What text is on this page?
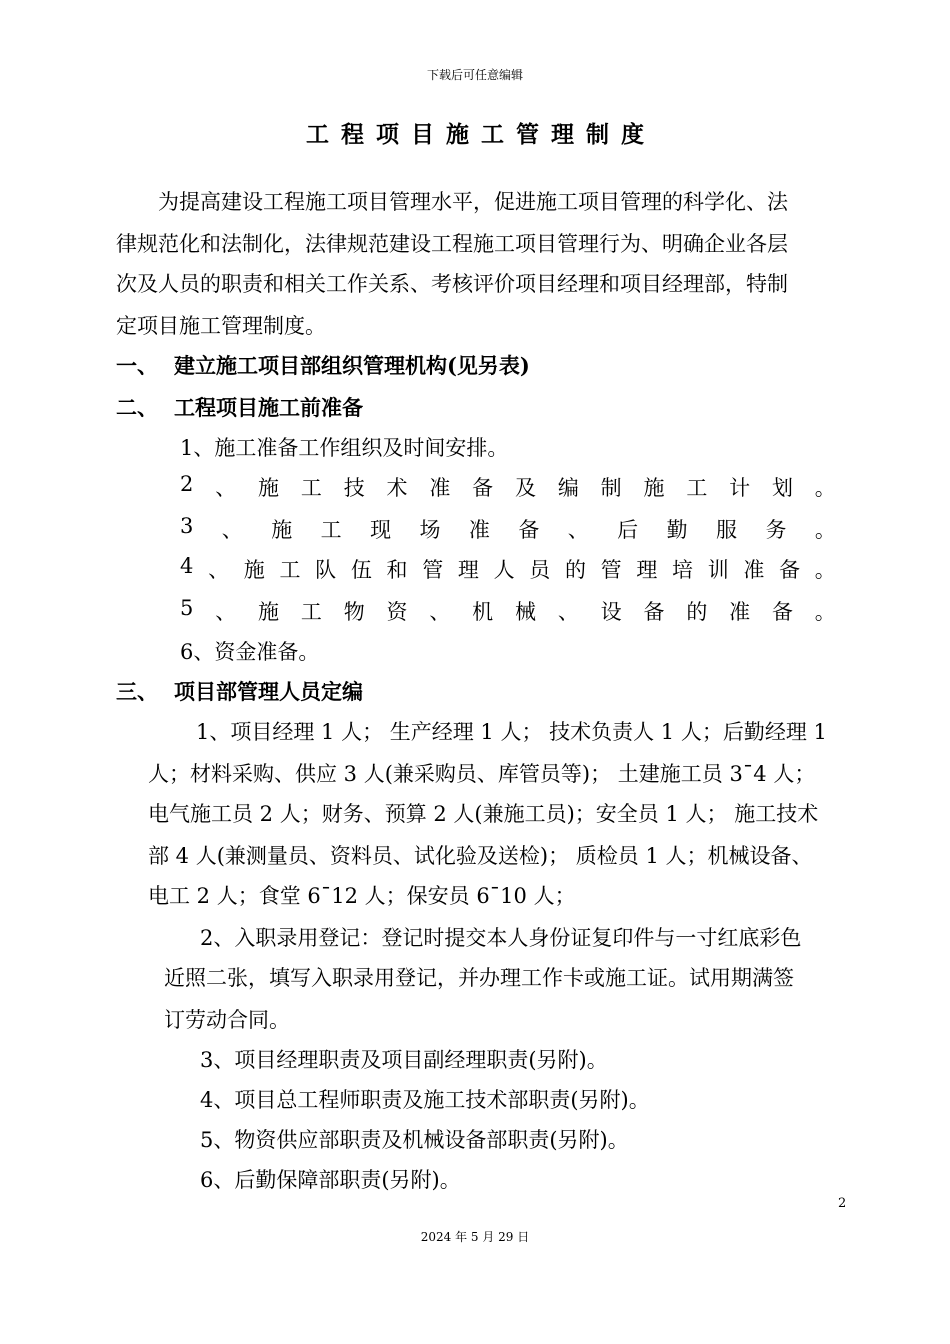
下载后可任意编辑
工程项目施工管理制度
为提高建设工程施工项目管理水平，促进施工项目管理的科学化、法
律规范化和法制化，法律规范建设工程施工项目管理行为、明确企业各层
次及人员的职责和相关工作关系、考核评价项目经理和项目经理部，特制
定项目施工管理制度。
一、 建立施工项目部组织管理机构(见另表)
二、 工程项目施工前准备
1、施工准备工作组织及时间安排。
2 、 施 工 技 术 准 备 及 编 制 施 工 计 划 。
3 、 施 工 现 场 准 备 、 后 勤 服 务 。
4 、 施 工 队 伍 和 管 理 人 员 的 管 理 培 训 准 备 。
5 、 施 工 物 资 、 机 械 、 设 备 的 准 备 。
6、资金准备。
三、 项目部管理人员定编
1、项目经理 1 人； 生产经理 1 人； 技术负责人 1 人；后勤经理 1
人；材料采购、供应 3 人(兼采购员、库管员等)； 土建施工员 3¯4 人；
电气施工员 2 人；财务、预算 2 人(兼施工员)；安全员 1 人； 施工技术
部 4 人(兼测量员、资料员、试化验及送检)； 质检员 1 人；机械设备、
电工 2 人；食堂 6¯12 人；保安员 6¯10 人；
2、入职录用登记：登记时提交本人身份证复印件与一寸红底彩色
近照二张，填写入职录用登记，并办理工作卡或施工证。试用期满签
订劳动合同。
3、项目经理职责及项目副经理职责(另附)。
4、项目总工程师职责及施工技术部职责(另附)。
5、物资供应部职责及机械设备部职责(另附)。
6、后勤保障部职责(另附)。
2
2024 年 5 月 29 日
